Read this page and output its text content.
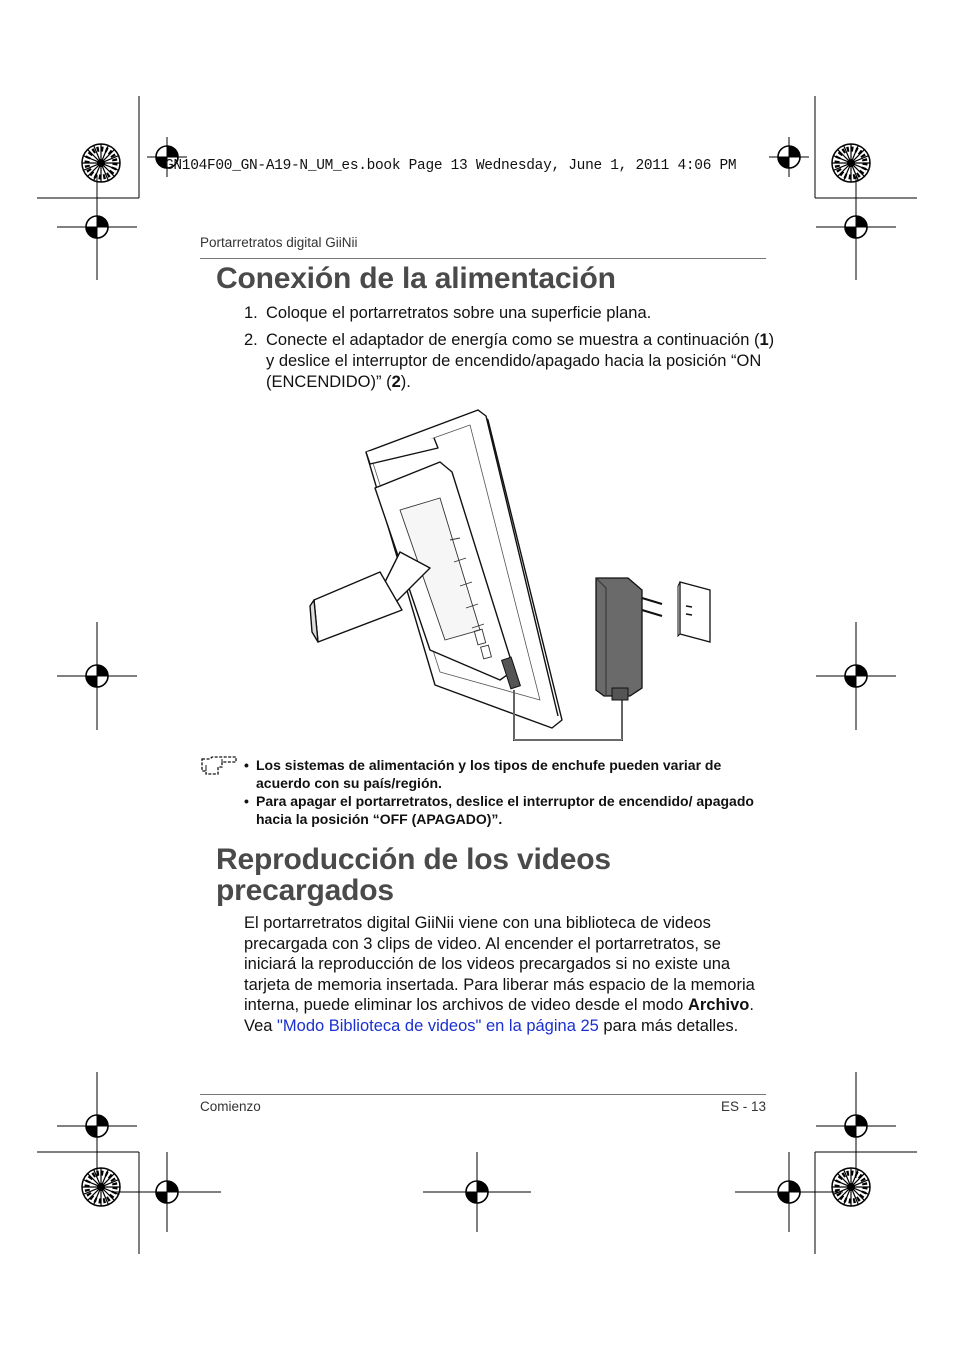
GN104F00_GN-A19-N_UM_es.book Page 13 Wednesday, June 1, 2011 4:06 PM
Portarretratos digital GiiNii
Conexión de la alimentación
1. Coloque el portarretratos sobre una superficie plana.
2. Conecte el adaptador de energía como se muestra a continuación (1) y deslice el interruptor de encendido/apagado hacia la posición “ON (ENCENDIDO)” (2).
• Los sistemas de alimentación y los tipos de enchufe pueden variar de acuerdo con su país/región.
• Para apagar el portarretratos, deslice el interruptor de encendido/ apagado hacia la posición “OFF (APAGADO)”.
Reproducción de los videos
precargados
El portarretratos digital GiiNii viene con una biblioteca de videos precargada con 3 clips de video. Al encender el portarretratos, se iniciará la reproducción de los videos precargados si no existe una tarjeta de memoria insertada. Para liberar más espacio de la memoria interna, puede eliminar los archivos de video desde el modo Archivo. Vea "Modo Biblioteca de videos" en la página 25 para más detalles.
Comienzo	ES - 13
